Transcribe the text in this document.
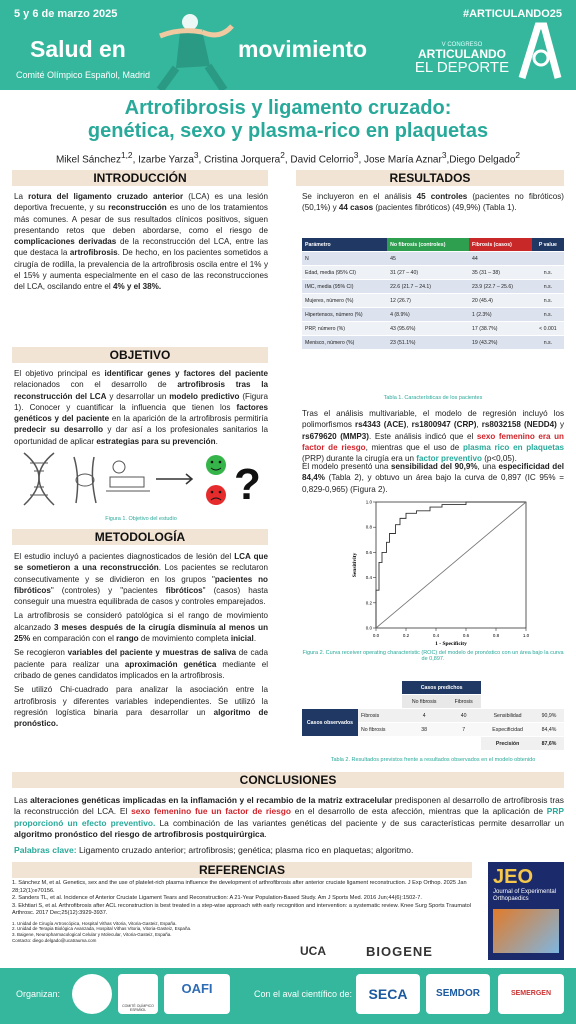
5 y 6 de marzo 2025	#ARTICULANDO25
Salud en	movimiento
Comité Olímpico Español, Madrid
V CONGRESO
ARTICULANDO
EL DEPORTE
Artrofibrosis y ligamento cruzado:
genética, sexo y plasma-rico en plaquetas
Mikel Sánchez$^{1,2}$, Izarbe Yarza$^3$, Cristina Jorquera$^2$, David Celorrio$^3$, Jose María Aznar$^3$,Diego Delgado$^2$
INTRODUCCIÓN
La rotura del ligamento cruzado anterior (LCA) es una lesión deportiva frecuente, y su reconstrucción es uno de los tratamientos más comunes. A pesar de sus resultados clínicos positivos, siguen presentando retos que deben abordarse, como el riesgo de complicaciones derivadas de la reconstrucción del LCA, entre las que destaca la artrofibrosis. De hecho, en los pacientes sometidos a cirugía de rodilla, la prevalencia de la artrofibrosis oscila entre el 1% y el 15% y aumenta especialmente en el caso de las reconstrucciones del LCA, oscilando entre el 4% y el 38%.
OBJETIVO
El objetivo principal es identificar genes y factores del paciente relacionados con el desarrollo de artrofibrosis tras la reconstrucción del LCA y desarrollar un modelo predictivo (Figura 1). Conocer y cuantificar la influencia que tienen los factores genéticos y del paciente en la aparición de la artrofibrosis permitiría predecir su desarrollo y dar así a los profesionales sanitarios la oportunidad de aplicar estrategias para su prevención.
?
Figura 1. Objetivo del estudio
METODOLOGÍA

El estudio incluyó a pacientes diagnosticados de lesión del LCA que se sometieron a una reconstrucción. Los pacientes se reclutaron consecutivamente y se dividieron en los grupos "pacientes no fibróticos" (controles) y "pacientes fibróticos" (casos) hasta conseguir una muestra equilibrada de casos y controles emparejados.

La artrofibrosis se consideró patológica si el rango de movimiento alcanzado 3 meses después de la cirugía disminuía al menos un 25% en comparación con el rango de movimiento completa inicial.

Se recogieron variables del paciente y muestras de saliva de cada paciente para realizar una aproximación genética mediante el cribado de genes candidatos implicados en la artrofibrosis.

Se utilizó Chi-cuadrado para analizar la asociación entre la artrofibrosis y diferentes variables independientes. Se utilizó la regresión logística binaria para desarrollar un algoritmo de pronóstico.

RESULTADOS
Se incluyeron en el análisis 45 controles (pacientes no fibróticos) (50,1%) y 44 casos (pacientes fibróticos) (49,9%) (Tabla 1).
Parámetro	No fibrosis (controles)	Fibrosis (casos)	P value
N	45	44	
Edad, media (95% CI)	31 (27 – 40)	35 (31 – 38)	n.s.
IMC, media (95% CI)	22.6 (21.7 – 24.1)	23.9 (22.7 – 25.6)	n.s.
Mujeres, número (%)	12 (26.7)	20 (45.4)	n.s.
Hipertensos, número (%)	4 (8.9%)	1 (2.3%)	n.s.
PRP, número (%)	43 (95.6%)	17 (38.7%)	< 0.001
Menisco, número (%)	23 (51.1%)	19 (43.2%)	n.s.
Tabla 1. Características de los pacientes
Tras el análisis multivariable, el modelo de regresión incluyó los polimorfismos rs4343 (ACE), rs1800947 (CRP), rs8032158 (NEDD4) y rs679620 (MMP3). Este análisis indicó que el sexo femenino era un factor de riesgo, mientras que el uso de plasma rico en plaquetas (PRP) durante la cirugía era un factor preventivo (p<0,05).
El modelo presentó una sensibilidad del 90,9%, una especificidad del 84,4% (Tabla 2), y obtuvo un área bajo la curva de 0,897 (IC 95% = 0,829-0,965) (Figura 2).
0.0
0.0
0.2
0.2
0.4
0.4
0.6
0.6
0.8
0.8
1.0
1.0
1 - Specificity
Sensitivity
Figura 2. Curva receiver operating characteristic (ROC) del modelo de pronóstico con un área bajo la curva de 0,897.
		Casos predichos			
		No fibrosis	Fibrosis		
Casos observados	Fibrosis	4	40	Sensibilidad	90,9%
	No fibrosis	38	7	Especificidad	84,4%
				Precisión	87,6%
Tabla 2. Resultados previstos frente a resultados observados en el modelo obtenido
CONCLUSIONES
Las alteraciones genéticas implicadas en la inflamación y el recambio de la matriz extracelular predisponen al desarrollo de artrofibrosis tras la reconstrucción del LCA. El sexo femenino fue un factor de riesgo en el desarrollo de esta afección, mientras que la aplicación de PRP proporcionó un efecto preventivo. La combinación de las variantes genéticas del paciente y de sus características permite desarrollar un algoritmo pronóstico del riesgo de artrofibrosis postquirúrgica.
Palabras clave: Ligamento cruzado anterior; artrofibrosis; genética; plasma rico en plaquetas; algoritmo.
REFERENCIAS
1. Sánchez M, et al. Genetics, sex and the use of platelet-rich plasma influence the development of arthrofibrosis after anterior cruciate ligament reconstruction. J Exp Orthop. 2025 Jan 28;12(1):e70156.
2. Sanders TL, et al. Incidence of Anterior Cruciate Ligament Tears and Reconstruction: A 21-Year Population-Based Study. Am J Sports Med. 2016 Jun;44(6):1502-7.
3. Ekhtiari S, et al. Arthrofibrosis after ACL reconstruction is best treated in a step-wise approach with early recognition and intervention: a systematic review. Knee Surg Sports Traumatol Arthrosc. 2017 Dec;25(12):3929-3937.
1. Unidad de Cirugía Artroscópica, Hospital Vithas Vitoria, Vitoria-Gasteiz, España.
2. Unidad de Terapia Biológica Avanzada, Hospital Vithas Vitoria, Vitoria-Gasteiz, España.
3. Baigene, Neuropharmacological Celular y Molecular, Vitoria-Gasteiz, España.
Contacto: diego.delgado@ucatrauma.com
JEO
Journal of Experimental Orthopaedics
UCA	BIOGENE
Organizan:
COMITÉ OLÍMPICO ESPAÑOL
OAFI	Con el aval científico de:	SECA	SEMDOR	SEMERGEN
